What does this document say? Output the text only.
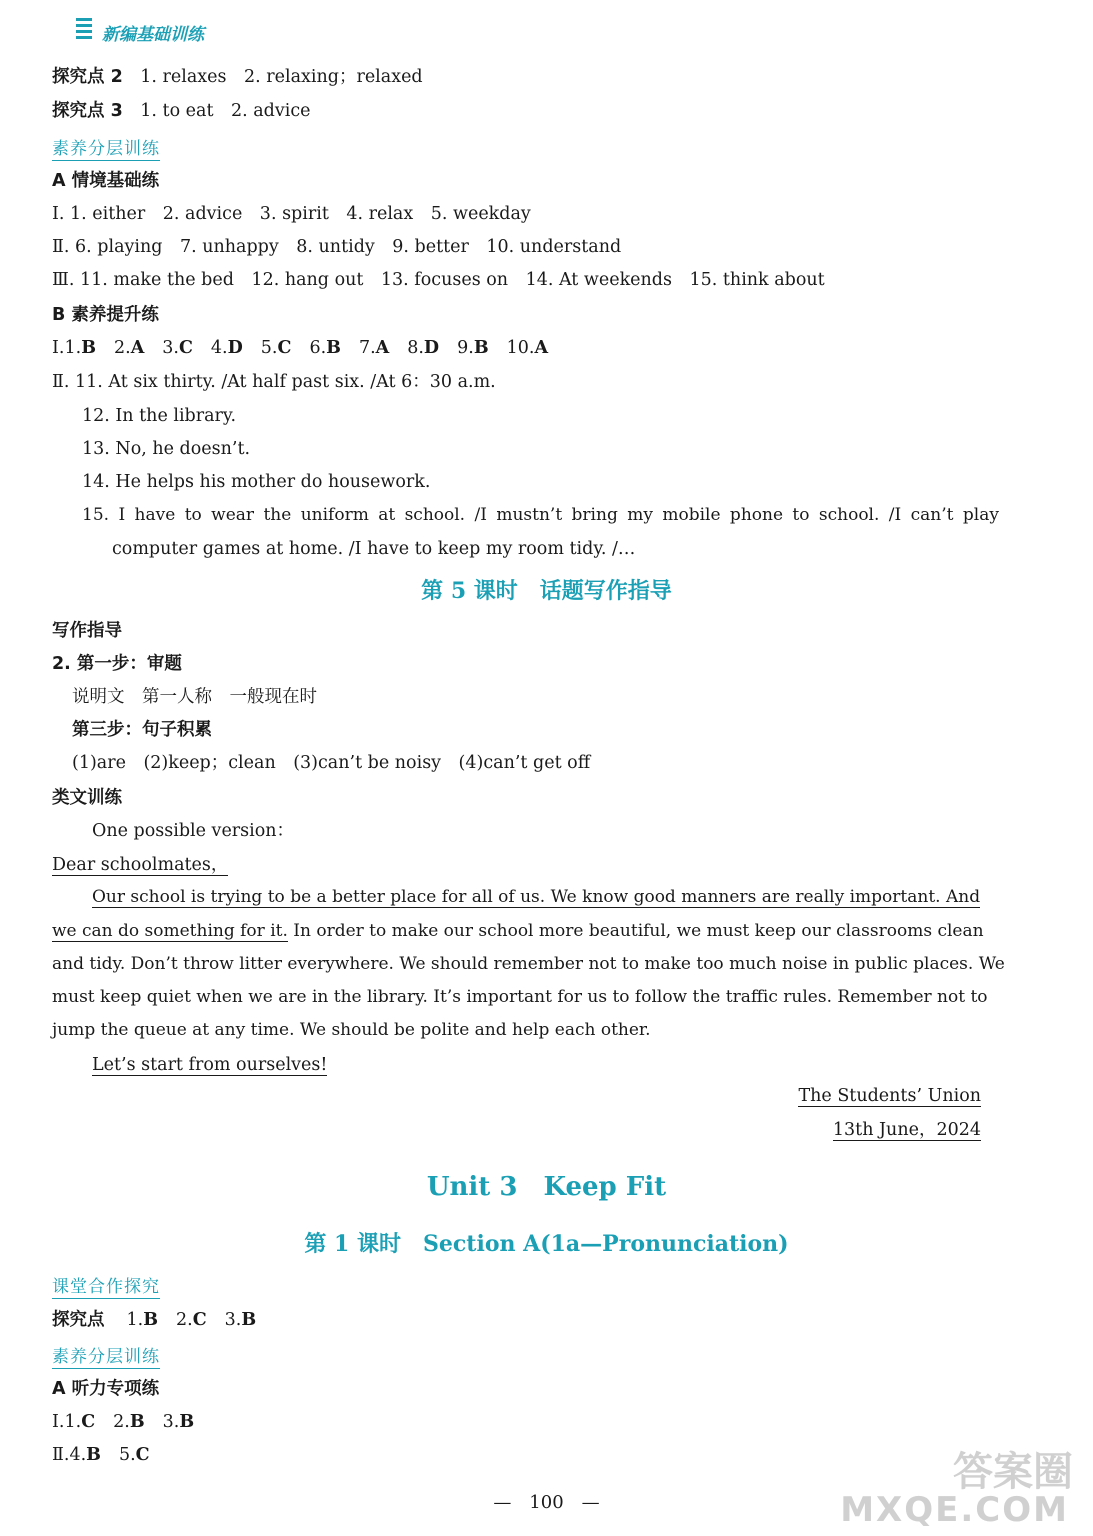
新编基础训练
探究点 2　 1. relaxes　2. relaxing；relaxed
探究点 3　 1. to eat　2. advice
素养分层训练
A 情境基础练
Ⅰ. 1. either　2. advice　3. spirit　4. relax　5. weekday
Ⅱ. 6. playing　7. unhappy　8. untidy　9. better　10. understand
Ⅲ. 11. make the bed　12. hang out　13. focuses on　14. At weekends　15. think about
B 素养提升练
Ⅰ.1.B 2.A 3.C 4.D 5.C 6.B 7.A 8.D 9.B 10.A
Ⅱ. 11. At six thirty. /At half past six. /At 6：30 a.m.
12. In the library.
13. No, he doesn’t.
14. He helps his mother do housework.
15. I have to wear the uniform at school. /I mustn’t bring my mobile phone to school. /I can’t play
computer games at home. /I have to keep my room tidy. /…
第 5 课时　话题写作指导
写作指导
2. 第一步：审题
说明文　第一人称　一般现在时
第三步：句子积累
(1)are　(2)keep；clean　(3)can’t be noisy　(4)can’t get off
类文训练
One possible version：
Dear schoolmates，
Our school is trying to be a better place for all of us. We know good manners are really important. And
we can do something for it. In order to make our school more beautiful, we must keep our classrooms clean
and tidy. Don’t throw litter everywhere. We should remember not to make too much noise in public places. We
must keep quiet when we are in the library. It’s important for us to follow the traffic rules. Remember not to
jump the queue at any time. We should be polite and help each other.
Let’s start from ourselves!
The Students’ Union
13th June，2024
Unit 3　Keep Fit
第 1 课时　Section A(1a—Pronunciation)
课堂合作探究
探究点 1.B 2.C 3.B
素养分层训练
A 听力专项练
Ⅰ.1.C 2.B 3.B
Ⅱ.4.B 5.C
—　100　—
答案圈
MXQE.COM
